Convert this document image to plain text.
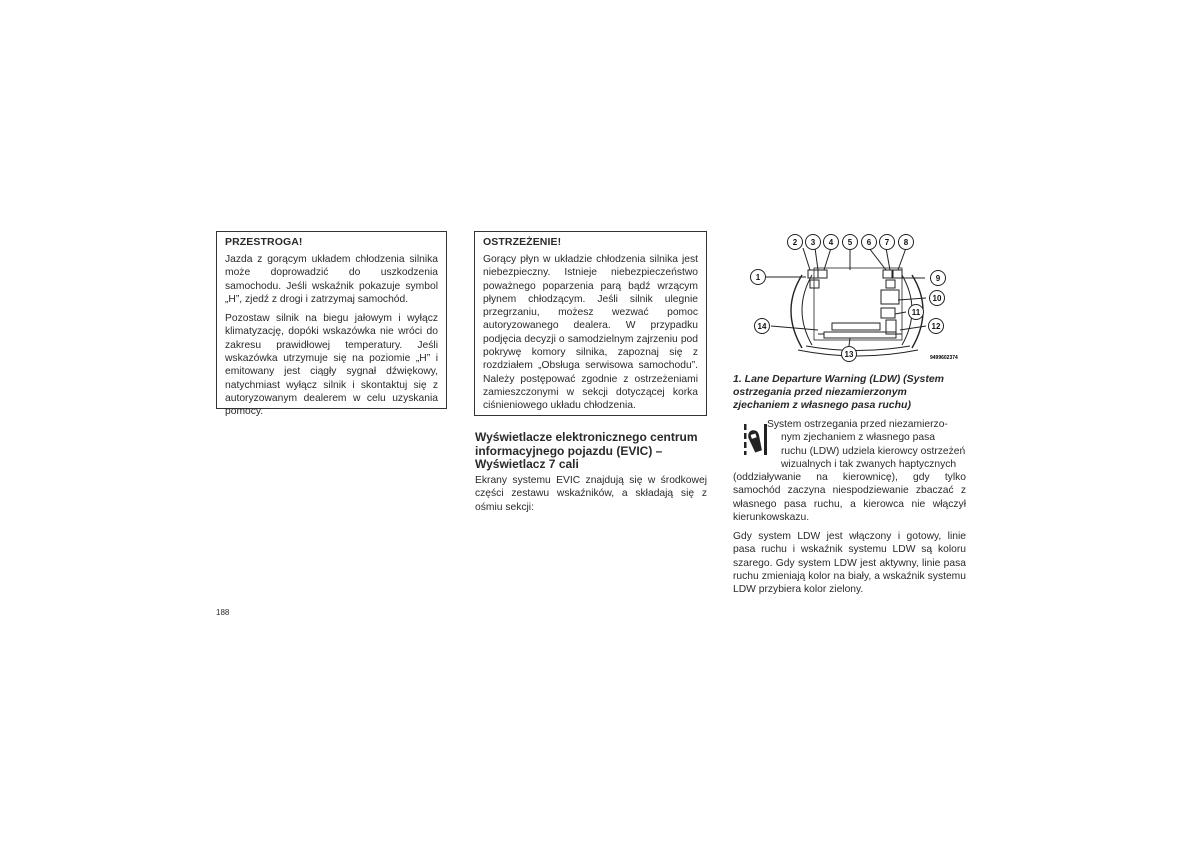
PRZESTROGA!

Jazda z gorącym układem chłodzenia silnika może doprowadzić do uszkodzenia samochodu. Jeśli wskaźnik pokazuje symbol „H”, zjedź z drogi i zatrzymaj samochód.

Pozostaw silnik na biegu jałowym i wyłącz klimatyzację, dopóki wskazówka nie wróci do zakresu prawidłowej temperatury. Jeśli wskazówka utrzymuje się na poziomie „H” i emitowany jest ciągły sygnał dźwiękowy, natychmiast wyłącz silnik i skontaktuj się z autoryzowanym dealerem w celu uzyskania pomocy.

OSTRZEŻENIE!

Gorący płyn w układzie chłodzenia silnika jest niebezpieczny. Istnieje niebezpieczeństwo poważnego poparzenia parą bądź wrzącym płynem chłodzącym. Jeśli silnik ulegnie przegrzaniu, możesz wezwać pomoc autoryzowanego dealera. W przypadku podjęcia decyzji o samodzielnym zajrzeniu pod pokrywę komory silnika, zapoznaj się z rozdziałem „Obsługa serwisowa samochodu”. Należy postępować zgodnie z ostrzeżeniami zamieszczonymi w sekcji dotyczącej korka ciśnieniowego układu chłodzenia.

Wyświetlacze elektronicznego centrum
informacyjnego pojazdu (EVIC) –
Wyświetlacz 7 cali

Ekrany systemu EVIC znajdują się w środkowej części zestawu wskaźników, a składają się z ośmiu sekcji:

188
1
2 3 4 5 6 7 8
9
10
11
12
13
14
9499602374

1. Lane Departure Warning (LDW) (System
ostrzegania przed niezamierzonym
zjechaniem z własnego pasa ruchu)

System ostrzegania przed niezamierzo-
nym zjechaniem z własnego pasa
ruchu (LDW) udziela kierowcy ostrzeżeń
wizualnych i tak zwanych haptycznych
(oddziaływanie na kierownicę), gdy tylko samochód zaczyna niespodziewanie zbaczać z własnego pasa ruchu, a kierowca nie włączył kierunkowskazu.

Gdy system LDW jest włączony i gotowy, linie pasa ruchu i wskaźnik systemu LDW są koloru szarego. Gdy system LDW jest aktywny, linie pasa ruchu zmieniają kolor na biały, a wskaźnik systemu LDW przybiera kolor zielony.
